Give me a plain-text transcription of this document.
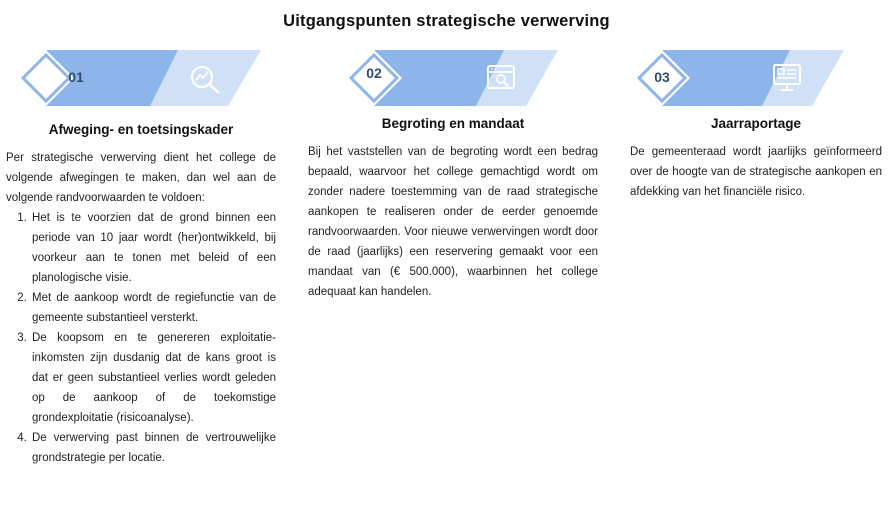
Uitgangspunten strategische verwerving
01
Afweging- en toetsingskader
Per strategische verwerving dient het college de volgende afwegingen te maken, dan wel aan de volgende randvoorwaarden te voldoen:
1. Het is te voorzien dat de grond binnen een periode van 10 jaar wordt (her)ontwikkeld, bij voorkeur aan te tonen met beleid of een planologische visie.
2. Met de aankoop wordt de regiefunctie van de gemeente substantieel versterkt.
3. De koopsom en te genereren exploitatie-inkomsten zijn dusdanig dat de kans groot is dat er geen substantieel verlies wordt geleden op de aankoop of de toekomstige grondexploitatie (risicoanalyse).
4. De verwerving past binnen de vertrouwelijke grondstrategie per locatie.
02
Begroting en mandaat
Bij het vaststellen van de begroting wordt een bedrag bepaald, waarvoor het college gemachtigd wordt om zonder nadere toestemming van de raad strategische aankopen te realiseren onder de eerder genoemde randvoorwaarden. Voor nieuwe verwervingen wordt door de raad (jaarlijks) een reservering gemaakt voor een mandaat van (€ 500.000), waarbinnen het college adequaat kan handelen.
03
Jaarraportage
De gemeenteraad wordt jaarlijks geïnformeerd over de hoogte van de strategische aankopen en afdekking van het financiële risico.
